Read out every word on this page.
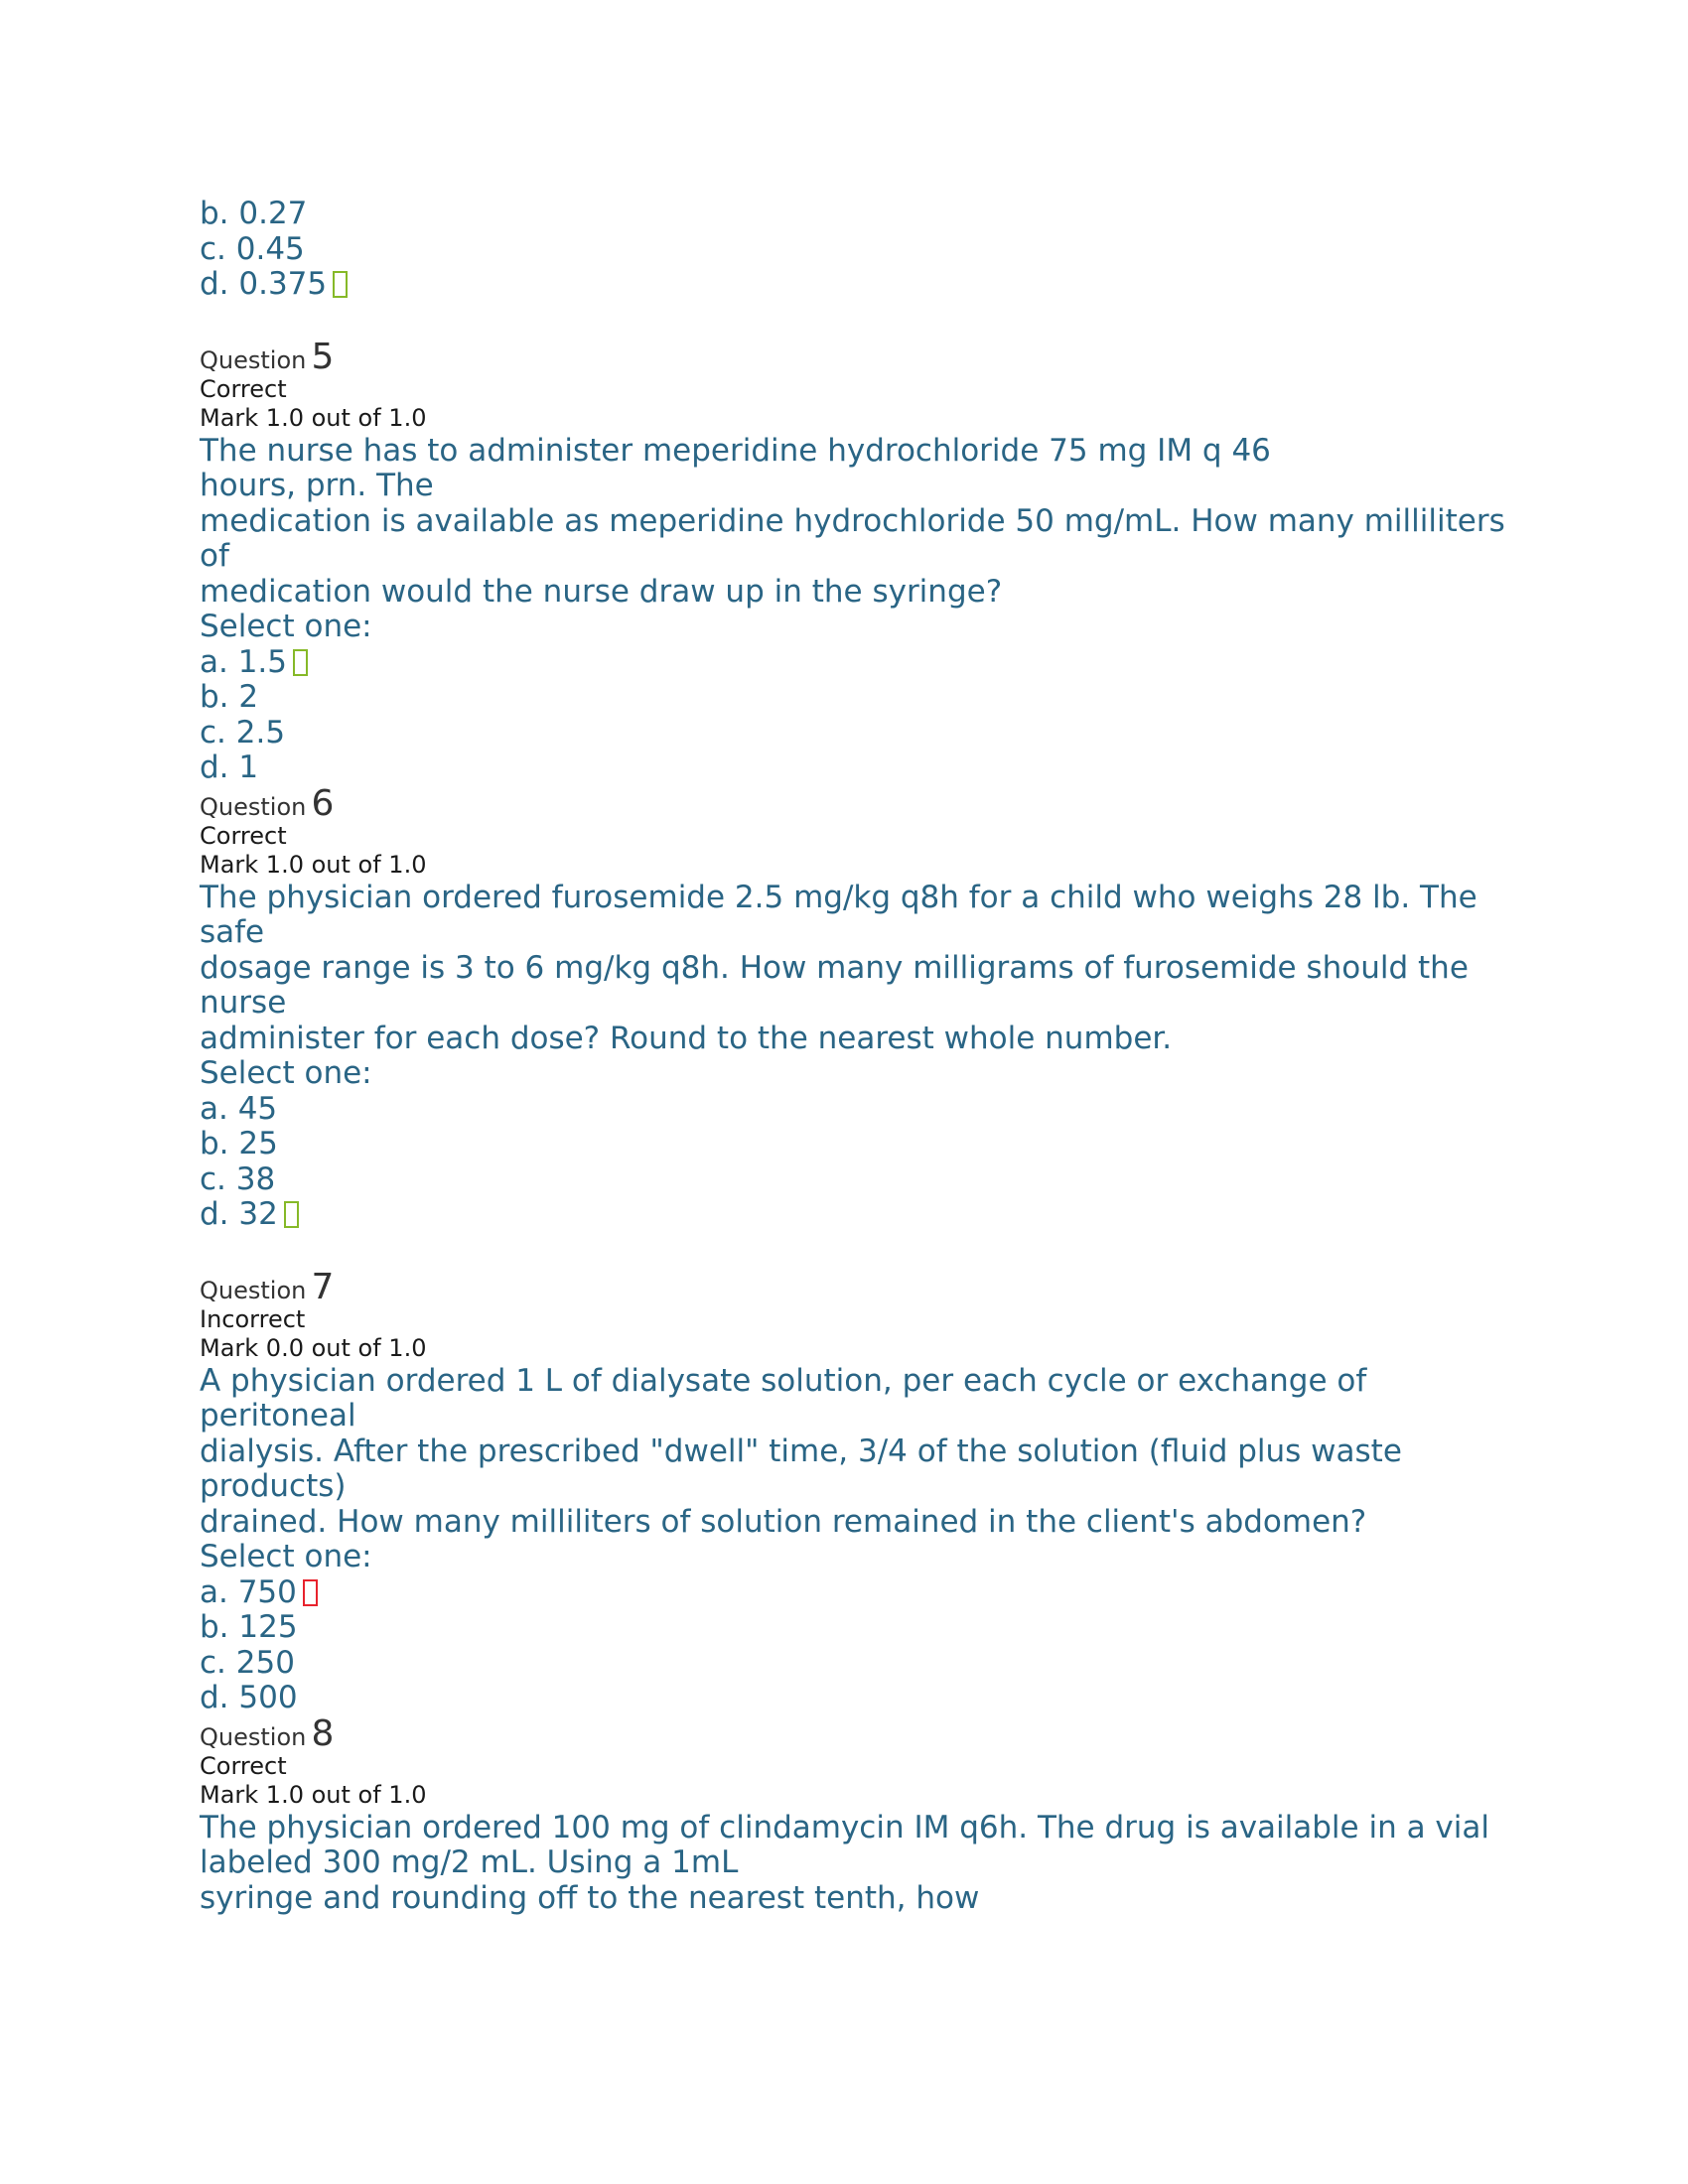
b. 0.27
c. 0.45
d. 0.375
Question 5
Correct
Mark 1.0 out of 1.0
The nurse has to administer meperidine hydrochloride 75 mg IM q 46
hours, prn. The
medication is available as meperidine hydrochloride 50 mg/mL. How many milliliters
of
medication would the nurse draw up in the syringe?
Select one:
a. 1.5
b. 2
c. 2.5
d. 1
Question 6
Correct
Mark 1.0 out of 1.0
The physician ordered furosemide 2.5 mg/kg q8h for a child who weighs 28 lb. The
safe
dosage range is 3 to 6 mg/kg q8h. How many milligrams of furosemide should the
nurse
administer for each dose? Round to the nearest whole number.
Select one:
a. 45
b. 25
c. 38
d. 32
Question 7
Incorrect
Mark 0.0 out of 1.0
A physician ordered 1 L of dialysate solution, per each cycle or exchange of
peritoneal
dialysis. After the prescribed "dwell" time, 3/4 of the solution (fluid plus waste
products)
drained. How many milliliters of solution remained in the client's abdomen?
Select one:
a. 750
b. 125
c. 250
d. 500
Question 8
Correct
Mark 1.0 out of 1.0
The physician ordered 100 mg of clindamycin IM q6h. The drug is available in a vial
labeled 300 mg/2 mL. Using a 1mL
syringe and rounding off to the nearest tenth, how
